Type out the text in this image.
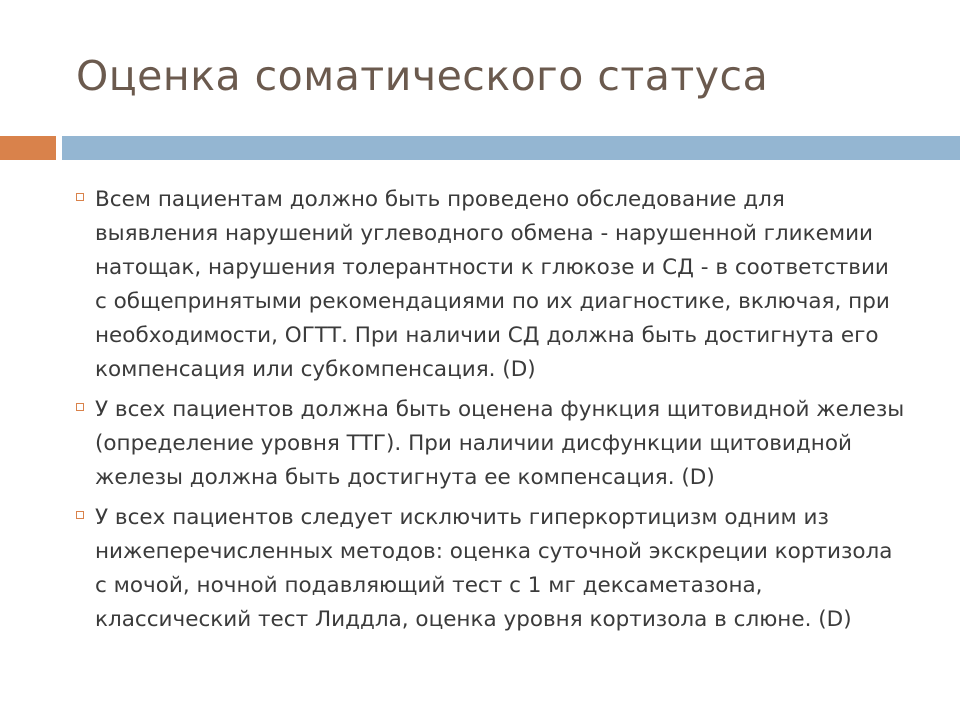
Оценка соматического статуса
Всем пациентам должно быть проведено обследование для выявления нарушений углеводного обмена - нарушенной гликемии натощак, нарушения толерантности к глюкозе и СД - в соответствии с общепринятыми рекомендациями по их диагностике, включая, при необходимости, ОГТТ. При наличии СД должна быть достигнута его компенсация или субкомпенсация. (D)
У всех пациентов должна быть оценена функция щитовидной железы (определение уровня ТТГ). При наличии дисфункции щитовидной железы должна быть достигнута ее компенсация. (D)
У всех пациентов следует исключить гиперкортицизм одним из нижеперечисленных методов: оценка суточной экскреции кортизола с мочой, ночной подавляющий тест с 1 мг дексаметазона, классический тест Лиддла, оценка уровня кортизола в слюне. (D)
